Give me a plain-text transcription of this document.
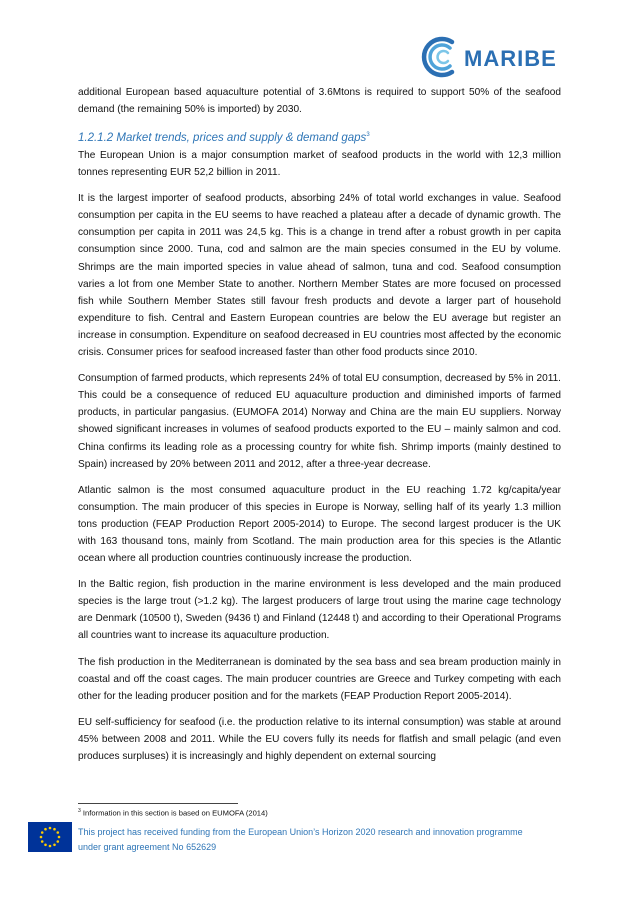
MARIBE

additional European based aquaculture potential of 3.6Mtons is required to support 50% of the seafood demand (the remaining 50% is imported) by 2030.

1.2.1.2 Market trends, prices and supply & demand gaps$^3$

The European Union is a major consumption market of seafood products in the world with 12,3 million tonnes representing EUR 52,2 billion in 2011.

It is the largest importer of seafood products, absorbing 24% of total world exchanges in value. Seafood consumption per capita in the EU seems to have reached a plateau after a decade of dynamic growth. The consumption per capita in 2011 was 24,5 kg. This is a change in trend after a robust growth in per capita consumption since 2000. Tuna, cod and salmon are the main species consumed in the EU by volume. Shrimps are the main imported species in value ahead of salmon, tuna and cod. Seafood consumption varies a lot from one Member State to another. Northern Member States are more focused on processed fish while Southern Member States still favour fresh products and devote a larger part of household expenditure to fish. Central and Eastern European countries are below the EU average but register an increase in consumption. Expenditure on seafood decreased in EU countries most affected by the economic crisis. Consumer prices for seafood increased faster than other food products since 2010.

Consumption of farmed products, which represents 24% of total EU consumption, decreased by 5% in 2011. This could be a consequence of reduced EU aquaculture production and diminished imports of farmed products, in particular pangasius. (EUMOFA 2014) Norway and China are the main EU suppliers. Norway showed significant increases in volumes of seafood products exported to the EU – mainly salmon and cod. China confirms its leading role as a processing country for white fish. Shrimp imports (mainly destined to Spain) increased by 20% between 2011 and 2012, after a three-year decrease.

Atlantic salmon is the most consumed aquaculture product in the EU reaching 1.72 kg/capita/year consumption. The main producer of this species in Europe is Norway, selling half of its yearly 1.3 million tons production (FEAP Production Report 2005-2014) to Europe. The second largest producer is the UK with 163 thousand tons, mainly from Scotland. The main production area for this species is the Atlantic ocean where all production countries continuously increase the production.

In the Baltic region, fish production in the marine environment is less developed and the main produced species is the large trout (>1.2 kg). The largest producers of large trout using the marine cage technology are Denmark (10500 t), Sweden (9436 t) and Finland (12448 t) and according to their Operational Programs all countries want to increase its aquaculture production.

The fish production in the Mediterranean is dominated by the sea bass and sea bream production mainly in coastal and off the coast cages. The main producer countries are Greece and Turkey competing with each other for the leading producer position and for the markets (FEAP Production Report 2005-2014).

EU self-sufficiency for seafood (i.e. the production relative to its internal consumption) was stable at around 45% between 2008 and 2011. While the EU covers fully its needs for flatfish and small pelagic (and even produces surpluses) it is increasingly and highly dependent on external sourcing

$^3$ Information in this section is based on EUMOFA (2014)
This project has received funding from the European Union’s Horizon 2020 research and innovation programme
under grant agreement No 652629
